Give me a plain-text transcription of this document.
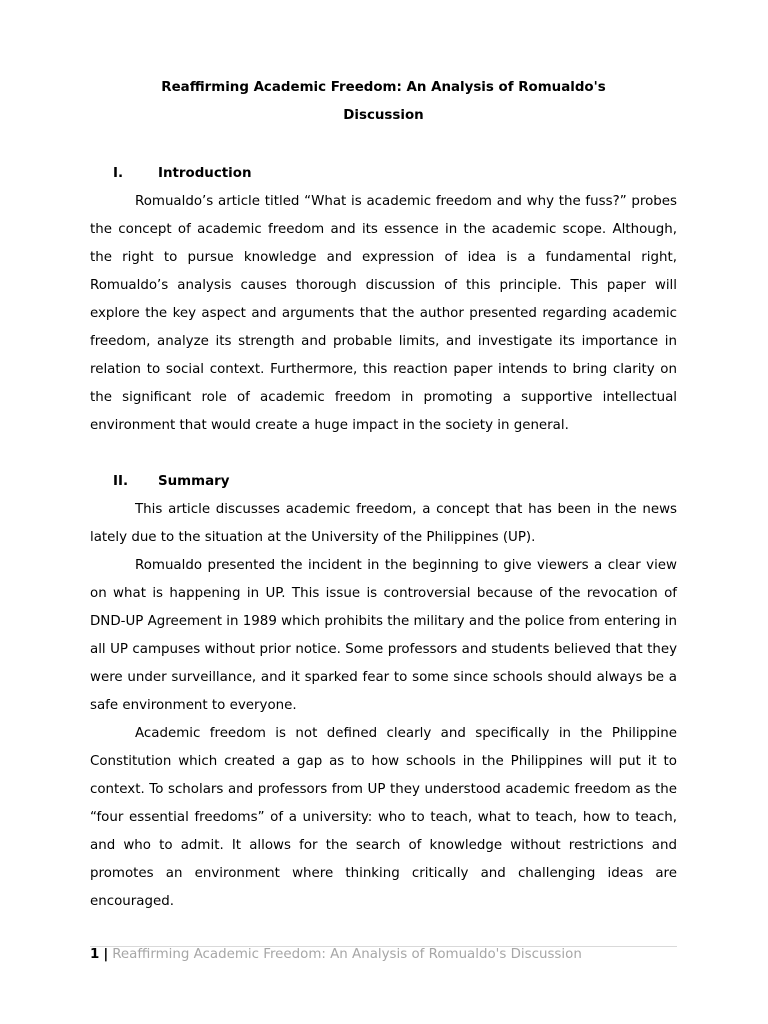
Reaffirming Academic Freedom: An Analysis of Romualdo's
Discussion
I.	Introduction

Romualdo’s article titled “What is academic freedom and why the fuss?” probes the concept of academic freedom and its essence in the academic scope. Although, the right to pursue knowledge and expression of idea is a fundamental right, Romualdo’s analysis causes thorough discussion of this principle. This paper will explore the key aspect and arguments that the author presented regarding academic freedom, analyze its strength and probable limits, and investigate its importance in relation to social context. Furthermore, this reaction paper intends to bring clarity on the significant role of academic freedom in promoting a supportive intellectual environment that would create a huge impact in the society in general.

II. Summary

This article discusses academic freedom, a concept that has been in the news lately due to the situation at the University of the Philippines (UP).

Romualdo presented the incident in the beginning to give viewers a clear view on what is happening in UP. This issue is controversial because of the revocation of DND-UP Agreement in 1989 which prohibits the military and the police from entering in all UP campuses without prior notice. Some professors and students believed that they were under surveillance, and it sparked fear to some since schools should always be a safe environment to everyone.

Academic freedom is not defined clearly and specifically in the Philippine Constitution which created a gap as to how schools in the Philippines will put it to context. To scholars and professors from UP they understood academic freedom as the “four essential freedoms” of a university: who to teach, what to teach, how to teach, and who to admit. It allows for the search of knowledge without restrictions and promotes an environment where thinking critically and challenging ideas are encouraged.

1 | Reaffirming Academic Freedom: An Analysis of Romualdo's Discussion
